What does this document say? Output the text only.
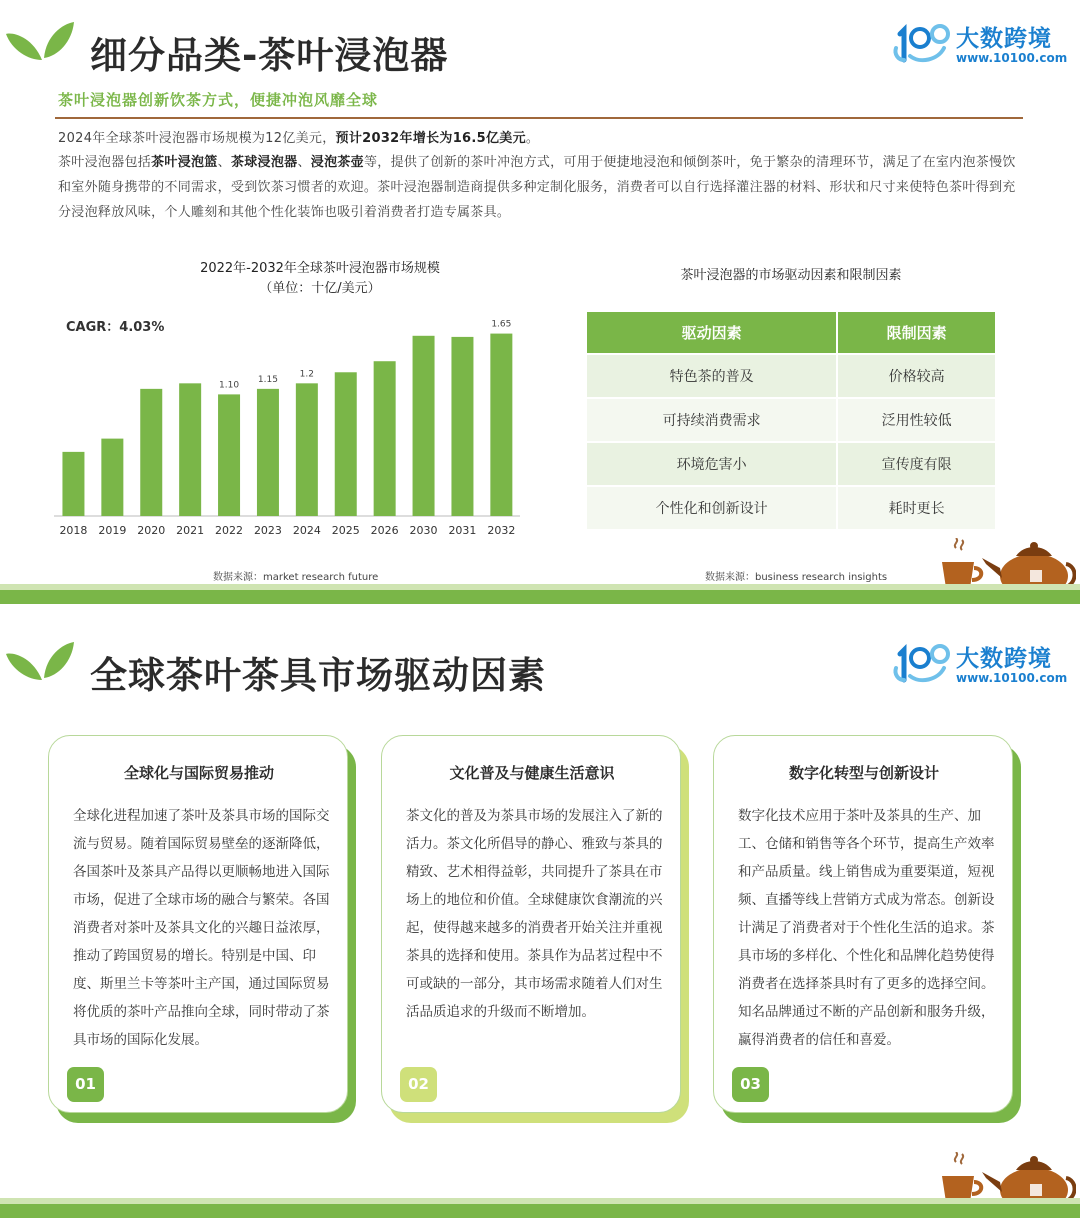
细分品类-茶叶浸泡器	大数跨境
www.10100.com
茶叶浸泡器创新饮茶方式，便捷冲泡风靡全球

2024年全球茶叶浸泡器市场规模为12亿美元，预计2032年增长为16.5亿美元。

茶叶浸泡器包括茶叶浸泡篮、茶球浸泡器、浸泡茶壶等，提供了创新的茶叶冲泡方式，可用于便捷地浸泡和倾倒茶叶，免于繁杂的清理环节，满足了在室内泡茶慢饮和室外随身携带的不同需求，受到饮茶习惯者的欢迎。茶叶浸泡器制造商提供多种定制化服务，消费者可以自行选择灌注器的材料、形状和尺寸来使特色茶叶得到充分浸泡释放风味，个人雕刻和其他个性化装饰也吸引着消费者打造专属茶具。

2022年-2032年全球茶叶浸泡器市场规模
（单位：十亿/美元）
CAGR：4.03%
2018 2019 2020 2021 2022
1.10
2023
1.15
2024
1.2
2025 2026 2030 2031 2032
1.65
茶叶浸泡器的市场驱动因素和限制因素
驱动因素	限制因素
特色茶的普及	价格较高
可持续消费需求	泛用性较低
环境危害小	宣传度有限
个性化和创新设计	耗时更长
数据来源：market research future	数据来源：business research insights
全球茶叶茶具市场驱动因素	大数跨境
www.10100.com
全球化与国际贸易推动
全球化进程加速了茶叶及茶具市场的国际交流与贸易。随着国际贸易壁垒的逐渐降低，各国茶叶及茶具产品得以更顺畅地进入国际市场，促进了全球市场的融合与繁荣。各国消费者对茶叶及茶具文化的兴趣日益浓厚，推动了跨国贸易的增长。特别是中国、印度、斯里兰卡等茶叶主产国，通过国际贸易将优质的茶叶产品推向全球，同时带动了茶具市场的国际化发展。
01
文化普及与健康生活意识
茶文化的普及为茶具市场的发展注入了新的活力。茶文化所倡导的静心、雅致与茶具的精致、艺术相得益彰，共同提升了茶具在市场上的地位和价值。全球健康饮食潮流的兴起，使得越来越多的消费者开始关注并重视茶具的选择和使用。茶具作为品茗过程中不可或缺的一部分，其市场需求随着人们对生活品质追求的升级而不断增加。
02
数字化转型与创新设计
数字化技术应用于茶叶及茶具的生产、加工、仓储和销售等各个环节，提高生产效率和产品质量。线上销售成为重要渠道，短视频、直播等线上营销方式成为常态。创新设计满足了消费者对于个性化生活的追求。茶具市场的多样化、个性化和品牌化趋势使得消费者在选择茶具时有了更多的选择空间。知名品牌通过不断的产品创新和服务升级，赢得消费者的信任和喜爱。
03
